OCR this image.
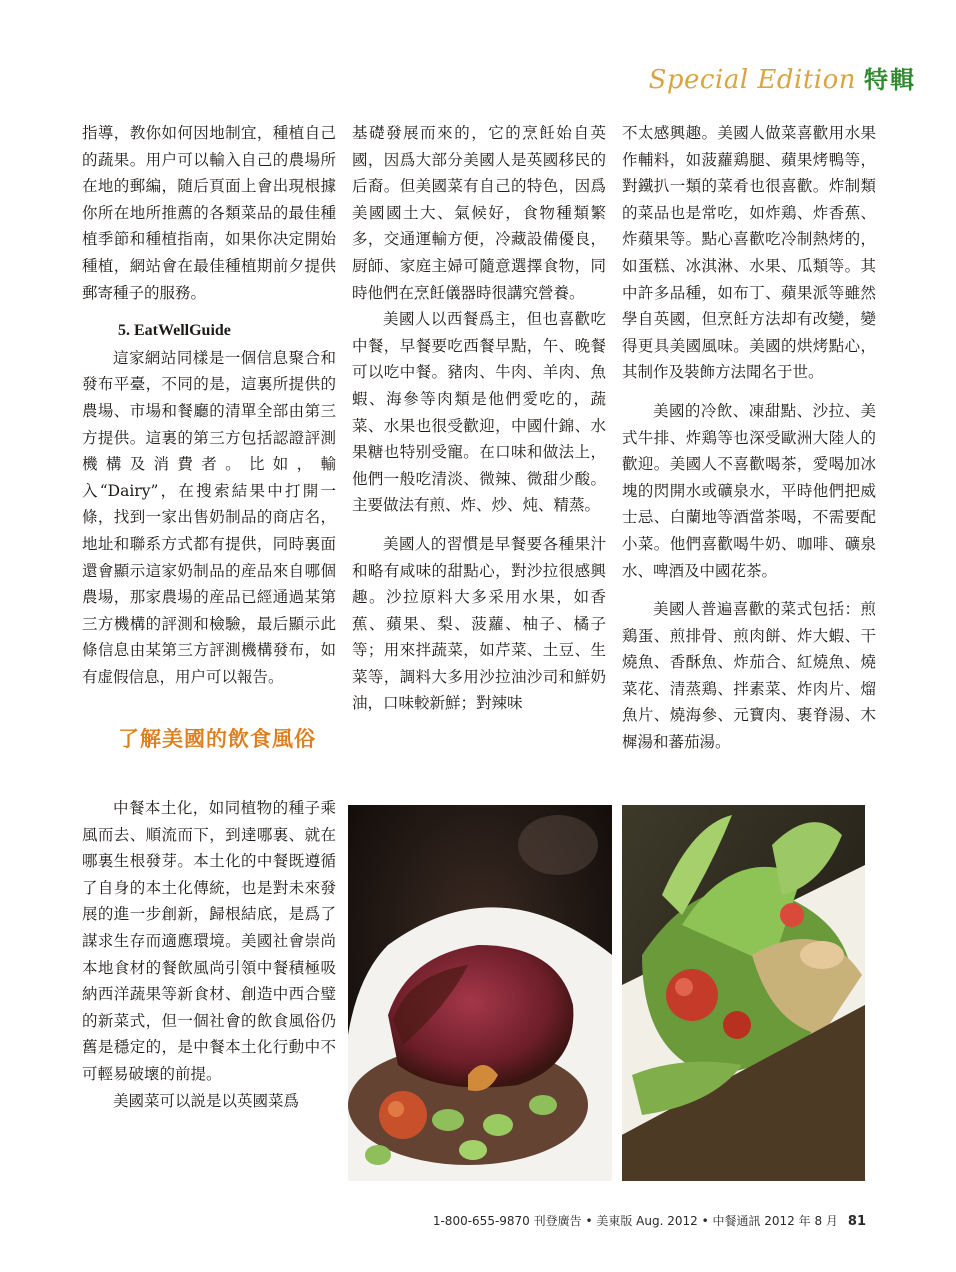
Special Edition 特輯

指導，教你如何因地制宜，種植自己的蔬果。用户可以輸入自己的農場所在地的郵編，随后頁面上會出現根據你所在地所推薦的各類菜品的最佳種植季節和種植指南，如果你决定開始種植，網站會在最佳種植期前夕提供郵寄種子的服務。

5. EatWellGuide

這家網站同樣是一個信息聚合和發布平臺，不同的是，這裏所提供的農場、市場和餐廳的清單全部由第三方提供。這裏的第三方包括認證評測機構及消費者。比如，輸入“Dairy”，在搜索結果中打開一條，找到一家出售奶制品的商店名，地址和聯系方式都有提供，同時裏面還會顯示這家奶制品的産品來自哪個農場，那家農場的産品已經通過某第三方機構的評測和檢驗，最后顯示此條信息由某第三方評測機構發布，如有虚假信息，用户可以報告。

了解美國的飲食風俗

中餐本土化，如同植物的種子乘風而去、順流而下，到達哪裏、就在哪裏生根發芽。本土化的中餐既遵循了自身的本土化傳統，也是對未來發展的進一步創新，歸根結底，是爲了謀求生存而適應環境。美國社會崇尚本地食材的餐飲風尚引領中餐積極吸納西洋蔬果等新食材、創造中西合璧的新菜式，但一個社會的飲食風俗仍舊是穩定的，是中餐本土化行動中不可輕易破壞的前提。

美國菜可以説是以英國菜爲

基礎發展而來的，它的烹飪始自英國，因爲大部分美國人是英國移民的后裔。但美國菜有自己的特色，因爲美國國土大、氣候好，食物種類繁多，交通運輸方便，冷藏設備優良，厨師、家庭主婦可隨意選擇食物，同時他們在烹飪儀器時很講究營養。

美國人以西餐爲主，但也喜歡吃中餐，早餐要吃西餐早點，午、晚餐可以吃中餐。豬肉、牛肉、羊肉、魚蝦、海參等肉類是他們愛吃的，蔬菜、水果也很受歡迎，中國什錦、水果糖也特别受寵。在口味和做法上，他們一般吃清淡、微辣、微甜少酸。主要做法有煎、炸、炒、炖、精蒸。

美國人的習慣是早餐要各種果汁和略有咸味的甜點心，對沙拉很感興趣。沙拉原料大多采用水果，如香蕉、蘋果、梨、菠蘿、柚子、橘子等；用來拌蔬菜，如芹菜、土豆、生菜等，調料大多用沙拉油沙司和鮮奶油，口味較新鮮；對辣味

不太感興趣。美國人做菜喜歡用水果作輔料，如菠蘿鶏腿、蘋果烤鴨等，對鐵扒一類的菜肴也很喜歡。炸制類的菜品也是常吃，如炸鶏、炸香蕉、炸蘋果等。點心喜歡吃冷制熱烤的，如蛋糕、冰淇淋、水果、瓜類等。其中許多品種，如布丁、蘋果派等雖然學自英國，但烹飪方法却有改變，變得更具美國風味。美國的烘烤點心，其制作及裝飾方法聞名于世。

美國的冷飲、凍甜點、沙拉、美式牛排、炸鶏等也深受歐洲大陸人的歡迎。美國人不喜歡喝茶，愛喝加冰塊的閃開水或礦泉水，平時他們把威士忌、白蘭地等酒當茶喝，不需要配小菜。他們喜歡喝牛奶、咖啡、礦泉水、啤酒及中國花茶。

美國人普遍喜歡的菜式包括：煎鶏蛋、煎排骨、煎肉餅、炸大蝦、干燒魚、香酥魚、炸茄合、紅燒魚、燒菜花、清蒸鶏、拌素菜、炸肉片、熘魚片、燒海參、元寶肉、裹脊湯、木樨湯和蕃茄湯。

1-800-655-9870 刊登廣告 • 美東版 Aug. 2012 • 中餐通訊 2012 年 8 月 81
